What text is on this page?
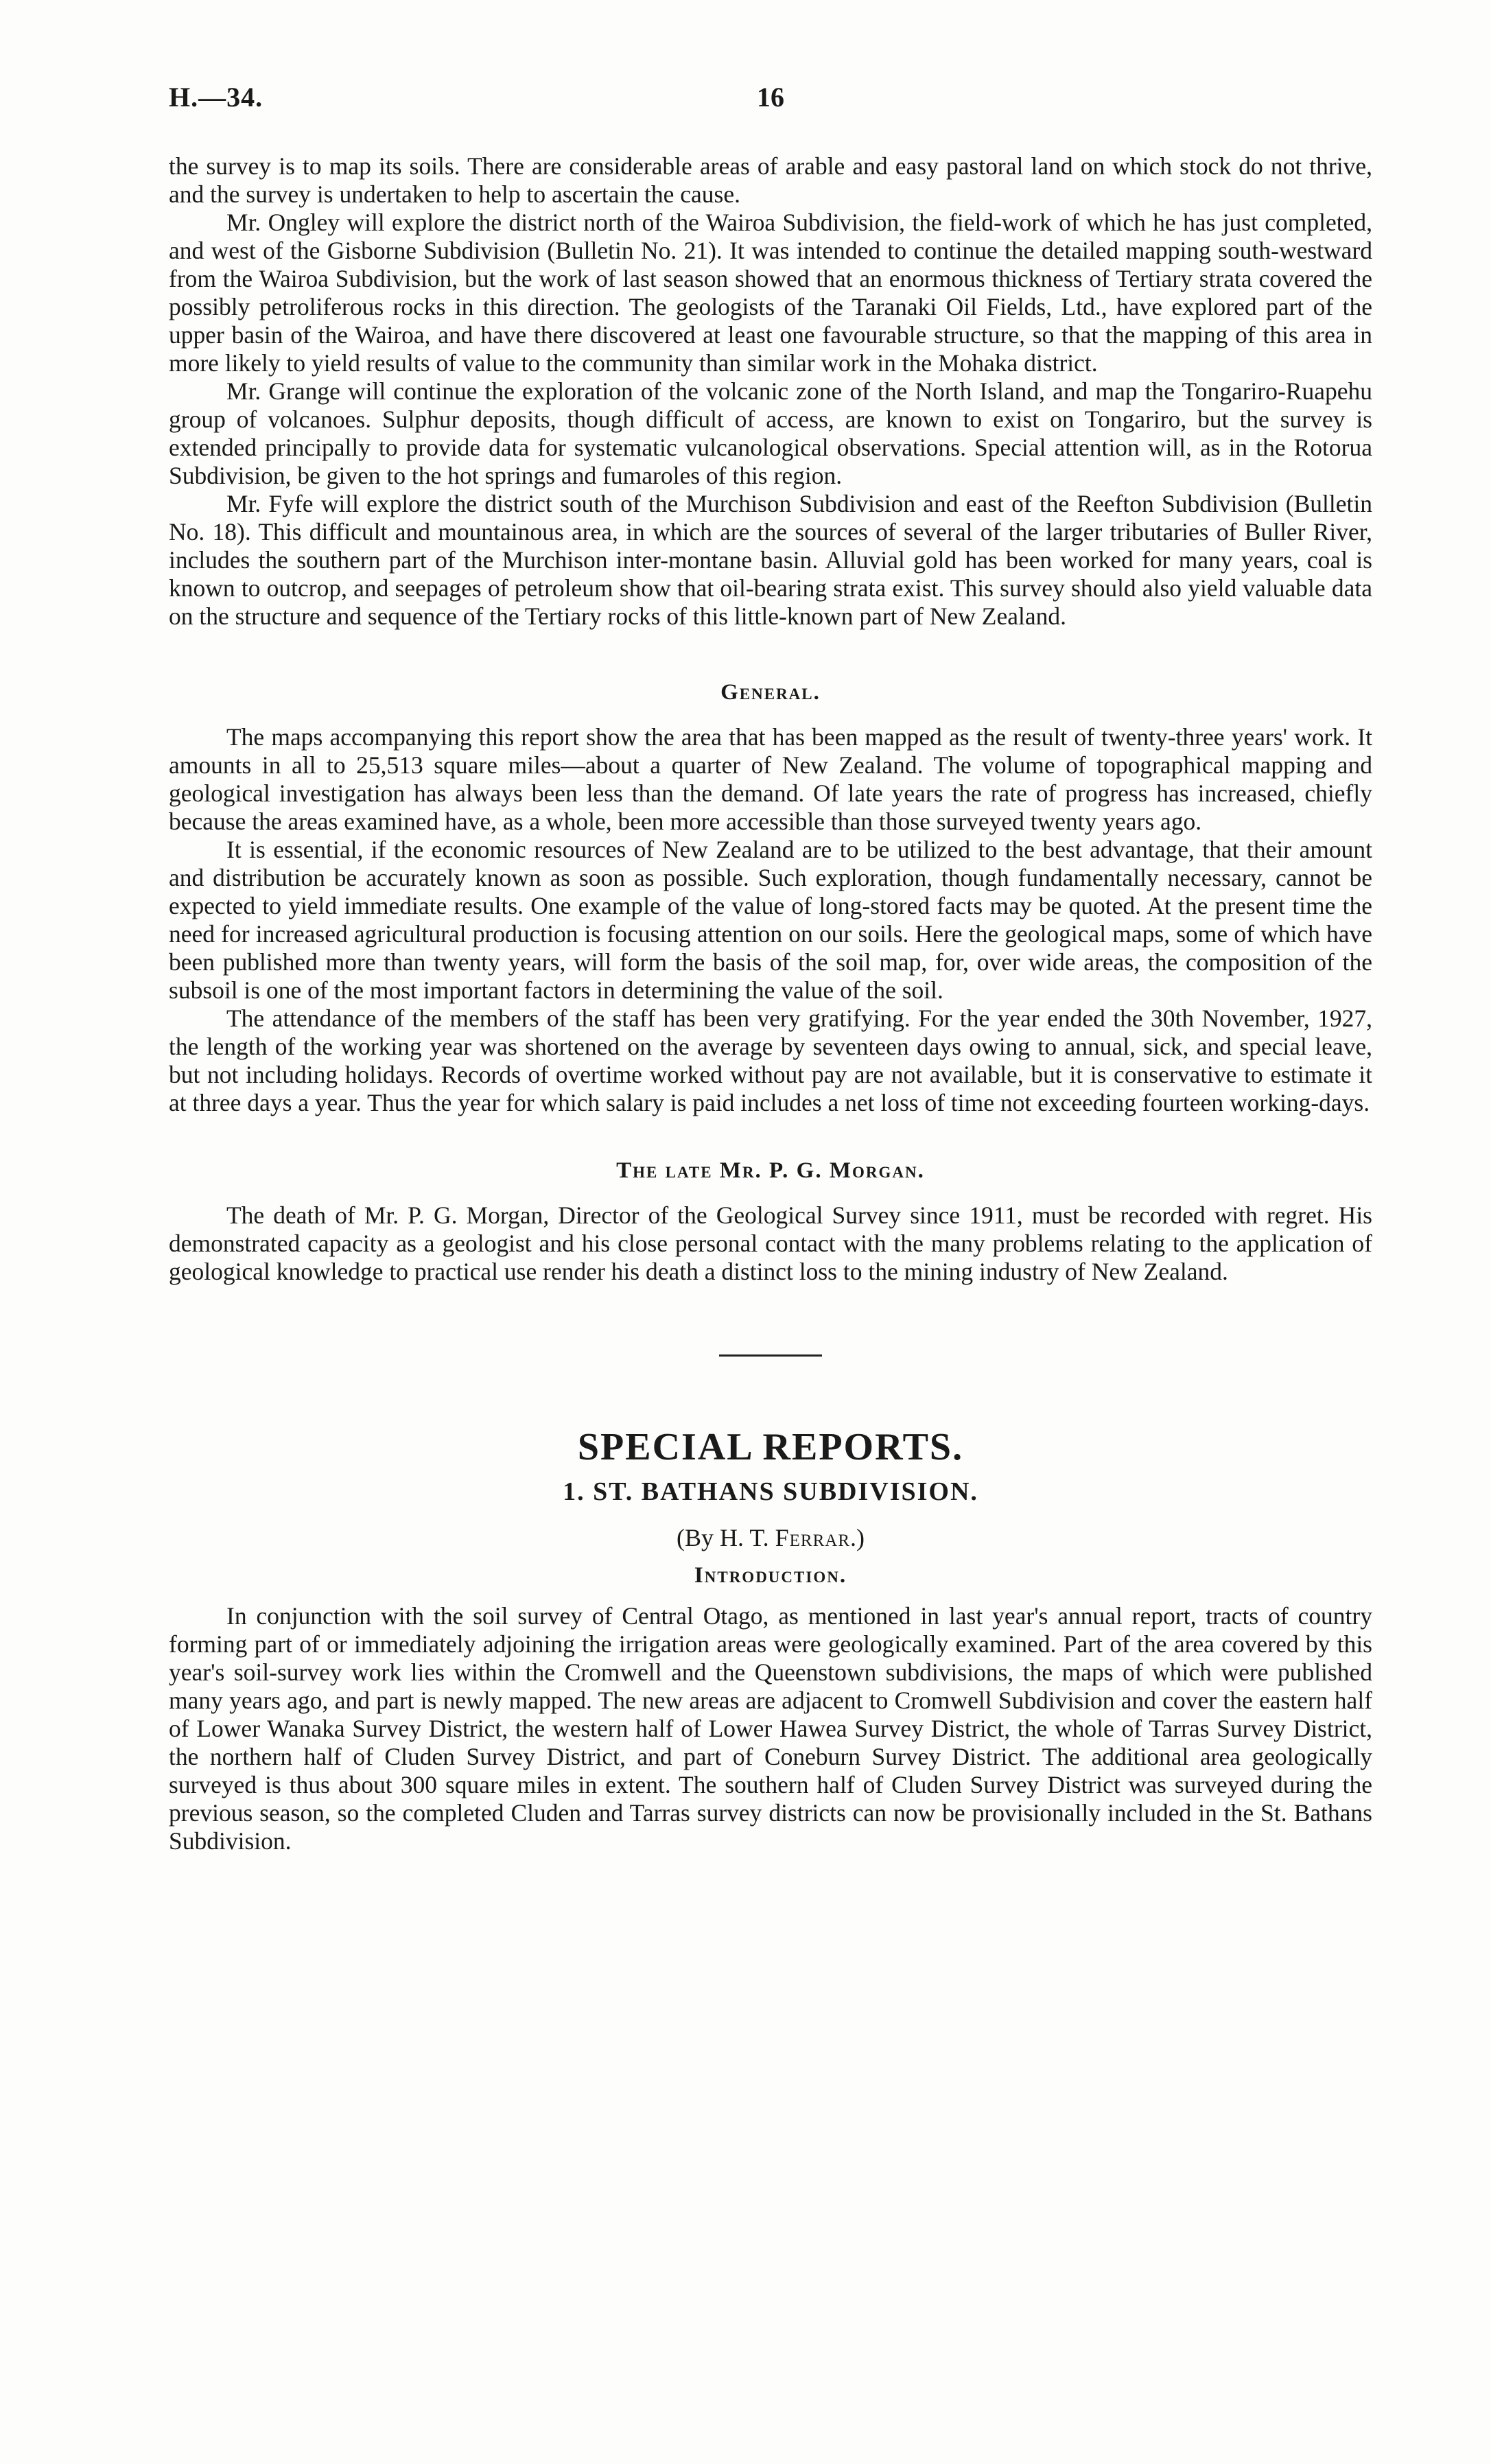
H.—34.	16

the survey is to map its soils. There are considerable areas of arable and easy pastoral land on which stock do not thrive, and the survey is undertaken to help to ascertain the cause.

Mr. Ongley will explore the district north of the Wairoa Subdivision, the field-work of which he has just completed, and west of the Gisborne Subdivision (Bulletin No. 21). It was intended to continue the detailed mapping south-westward from the Wairoa Subdivision, but the work of last season showed that an enormous thickness of Tertiary strata covered the possibly petroliferous rocks in this direction. The geologists of the Taranaki Oil Fields, Ltd., have explored part of the upper basin of the Wairoa, and have there discovered at least one favourable structure, so that the mapping of this area in more likely to yield results of value to the community than similar work in the Mohaka district.

Mr. Grange will continue the exploration of the volcanic zone of the North Island, and map the Tongariro-Ruapehu group of volcanoes. Sulphur deposits, though difficult of access, are known to exist on Tongariro, but the survey is extended principally to provide data for systematic vulcanological observations. Special attention will, as in the Rotorua Subdivision, be given to the hot springs and fumaroles of this region.

Mr. Fyfe will explore the district south of the Murchison Subdivision and east of the Reefton Subdivision (Bulletin No. 18). This difficult and mountainous area, in which are the sources of several of the larger tributaries of Buller River, includes the southern part of the Murchison inter-montane basin. Alluvial gold has been worked for many years, coal is known to outcrop, and seepages of petroleum show that oil-bearing strata exist. This survey should also yield valuable data on the structure and sequence of the Tertiary rocks of this little-known part of New Zealand.

General.

The maps accompanying this report show the area that has been mapped as the result of twenty-three years' work. It amounts in all to 25,513 square miles—about a quarter of New Zealand. The volume of topographical mapping and geological investigation has always been less than the demand. Of late years the rate of progress has increased, chiefly because the areas examined have, as a whole, been more accessible than those surveyed twenty years ago.

It is essential, if the economic resources of New Zealand are to be utilized to the best advantage, that their amount and distribution be accurately known as soon as possible. Such exploration, though fundamentally necessary, cannot be expected to yield immediate results. One example of the value of long-stored facts may be quoted. At the present time the need for increased agricultural production is focusing attention on our soils. Here the geological maps, some of which have been published more than twenty years, will form the basis of the soil map, for, over wide areas, the composition of the subsoil is one of the most important factors in determining the value of the soil.

The attendance of the members of the staff has been very gratifying. For the year ended the 30th November, 1927, the length of the working year was shortened on the average by seventeen days owing to annual, sick, and special leave, but not including holidays. Records of overtime worked without pay are not available, but it is conservative to estimate it at three days a year. Thus the year for which salary is paid includes a net loss of time not exceeding fourteen working-days.

The late Mr. P. G. Morgan.

The death of Mr. P. G. Morgan, Director of the Geological Survey since 1911, must be recorded with regret. His demonstrated capacity as a geologist and his close personal contact with the many problems relating to the application of geological knowledge to practical use render his death a distinct loss to the mining industry of New Zealand.

SPECIAL REPORTS.
1. ST. BATHANS SUBDIVISION.
(By H. T. Ferrar.)
Introduction.

In conjunction with the soil survey of Central Otago, as mentioned in last year's annual report, tracts of country forming part of or immediately adjoining the irrigation areas were geologically examined. Part of the area covered by this year's soil-survey work lies within the Cromwell and the Queenstown subdivisions, the maps of which were published many years ago, and part is newly mapped. The new areas are adjacent to Cromwell Subdivision and cover the eastern half of Lower Wanaka Survey District, the western half of Lower Hawea Survey District, the whole of Tarras Survey District, the northern half of Cluden Survey District, and part of Coneburn Survey District. The additional area geologically surveyed is thus about 300 square miles in extent. The southern half of Cluden Survey District was surveyed during the previous season, so the completed Cluden and Tarras survey districts can now be provisionally included in the St. Bathans Subdivision.
